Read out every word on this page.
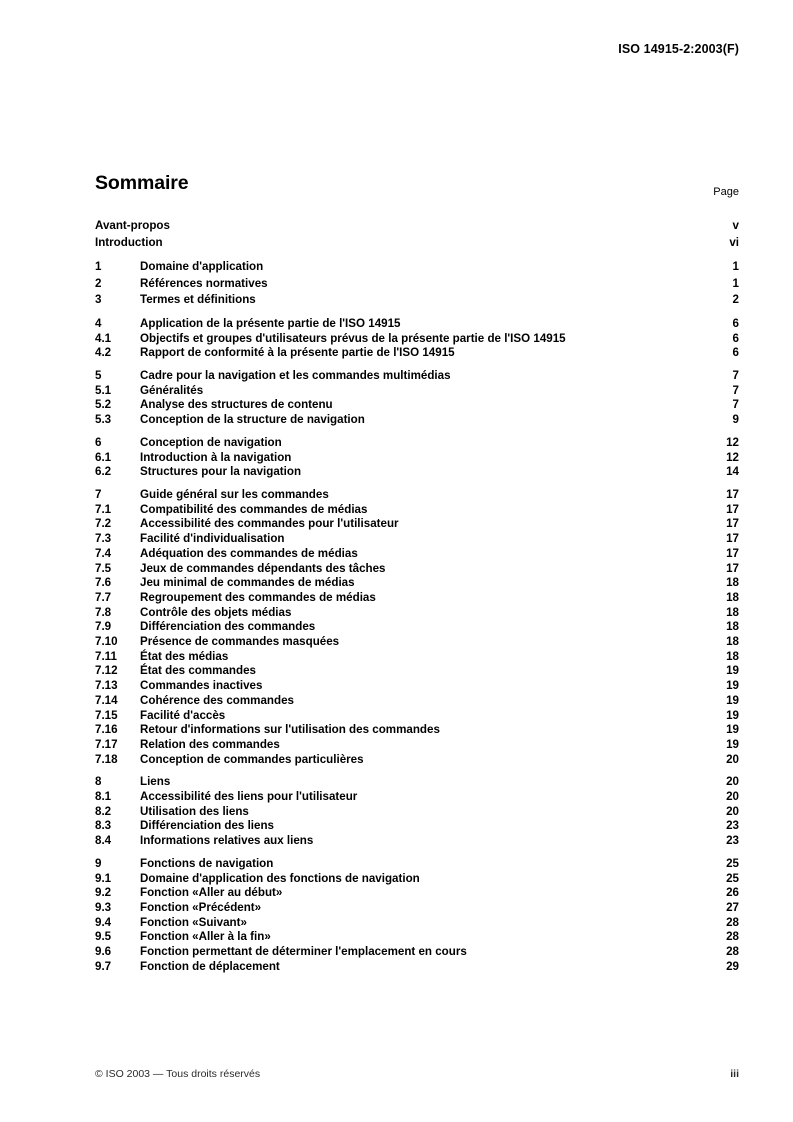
ISO 14915-2:2003(F)
Sommaire	Page
Avant-propos	v
Introduction	vi
1	Domaine d'application	1
2	Références normatives	1
3	Termes et définitions	2
4	Application de la présente partie de l'ISO 14915	6
4.1	Objectifs et groupes d'utilisateurs prévus de la présente partie de l'ISO 14915	6
4.2	Rapport de conformité à la présente partie de l'ISO 14915	6
5	Cadre pour la navigation et les commandes multimédias	7
5.1	Généralités	7
5.2	Analyse des structures de contenu	7
5.3	Conception de la structure de navigation	9
6	Conception de navigation	12
6.1	Introduction à la navigation	12
6.2	Structures pour la navigation	14
7	Guide général sur les commandes	17
7.1	Compatibilité des commandes de médias	17
7.2	Accessibilité des commandes pour l'utilisateur	17
7.3	Facilité d'individualisation	17
7.4	Adéquation des commandes de médias	17
7.5	Jeux de commandes dépendants des tâches	17
7.6	Jeu minimal de commandes de médias	18
7.7	Regroupement des commandes de médias	18
7.8	Contrôle des objets médias	18
7.9	Différenciation des commandes	18
7.10	Présence de commandes masquées	18
7.11	État des médias	18
7.12	État des commandes	19
7.13	Commandes inactives	19
7.14	Cohérence des commandes	19
7.15	Facilité d'accès	19
7.16	Retour d'informations sur l'utilisation des commandes	19
7.17	Relation des commandes	19
7.18	Conception de commandes particulières	20
8	Liens	20
8.1	Accessibilité des liens pour l'utilisateur	20
8.2	Utilisation des liens	20
8.3	Différenciation des liens	23
8.4	Informations relatives aux liens	23
9	Fonctions de navigation	25
9.1	Domaine d'application des fonctions de navigation	25
9.2	Fonction «Aller au début»	26
9.3	Fonction «Précédent»	27
9.4	Fonction «Suivant»	28
9.5	Fonction «Aller à la fin»	28
9.6	Fonction permettant de déterminer l'emplacement en cours	28
9.7	Fonction de déplacement	29
© ISO 2003 — Tous droits réservés	iii
